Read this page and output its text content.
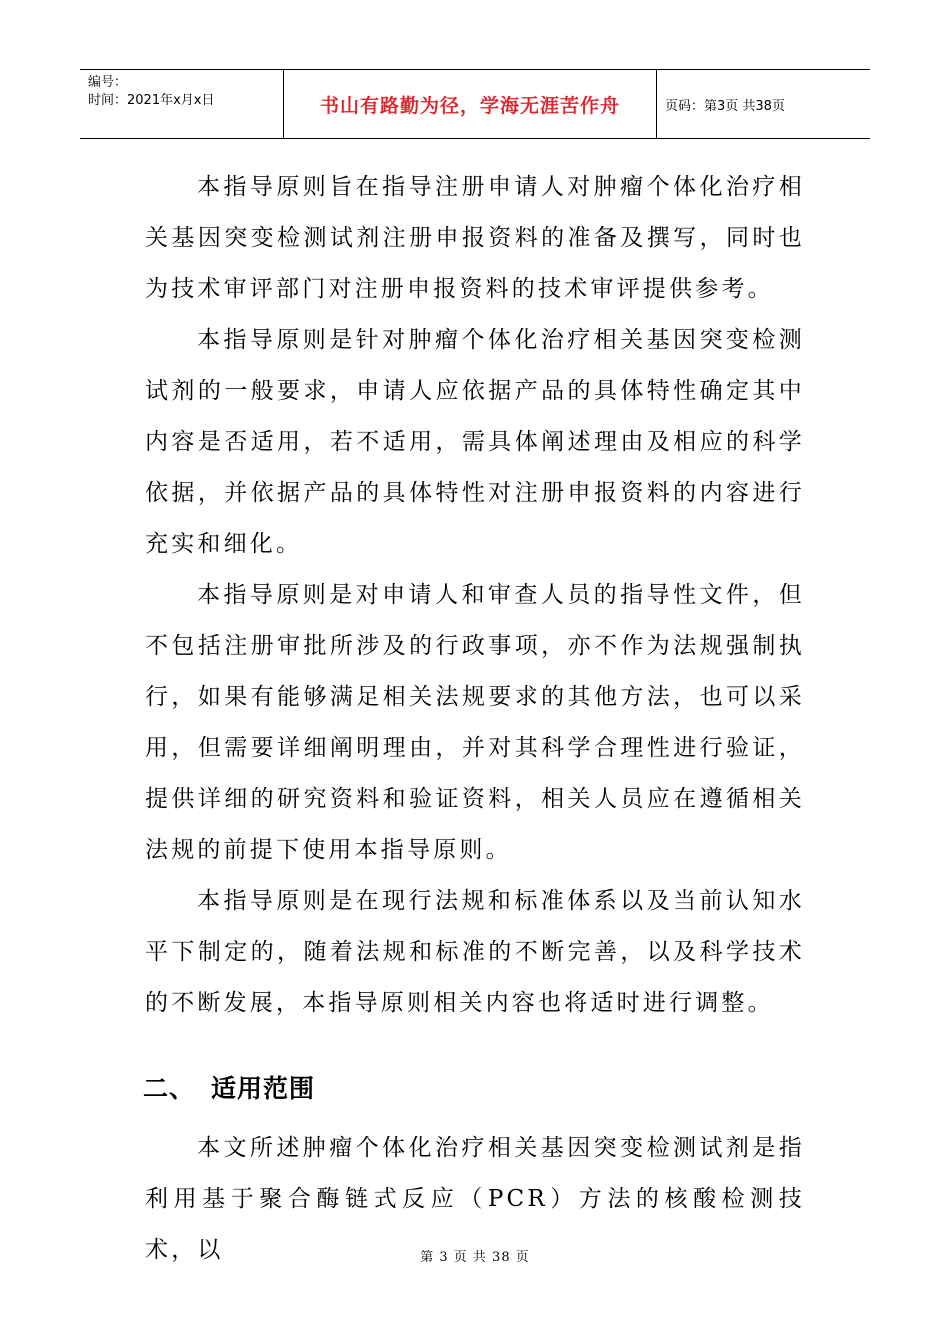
编号：
时间：2021年x月x日	书山有路勤为径，学海无涯苦作舟	页码：第3页 共38页

本指导原则旨在指导注册申请人对肿瘤个体化治疗相关基因突变检测试剂注册申报资料的准备及撰写，同时也为技术审评部门对注册申报资料的技术审评提供参考。

本指导原则是针对肿瘤个体化治疗相关基因突变检测试剂的一般要求，申请人应依据产品的具体特性确定其中内容是否适用，若不适用，需具体阐述理由及相应的科学依据，并依据产品的具体特性对注册申报资料的内容进行充实和细化。

本指导原则是对申请人和审查人员的指导性文件，但不包括注册审批所涉及的行政事项，亦不作为法规强制执行，如果有能够满足相关法规要求的其他方法，也可以采用，但需要详细阐明理由，并对其科学合理性进行验证，提供详细的研究资料和验证资料，相关人员应在遵循相关法规的前提下使用本指导原则。

本指导原则是在现行法规和标准体系以及当前认知水平下制定的，随着法规和标准的不断完善，以及科学技术的不断发展，本指导原则相关内容也将适时进行调整。

二、 适用范围

本文所述肿瘤个体化治疗相关基因突变检测试剂是指利用基于聚合酶链式反应（PCR）方法的核酸检测技术，以	第 3 页 共 38 页
